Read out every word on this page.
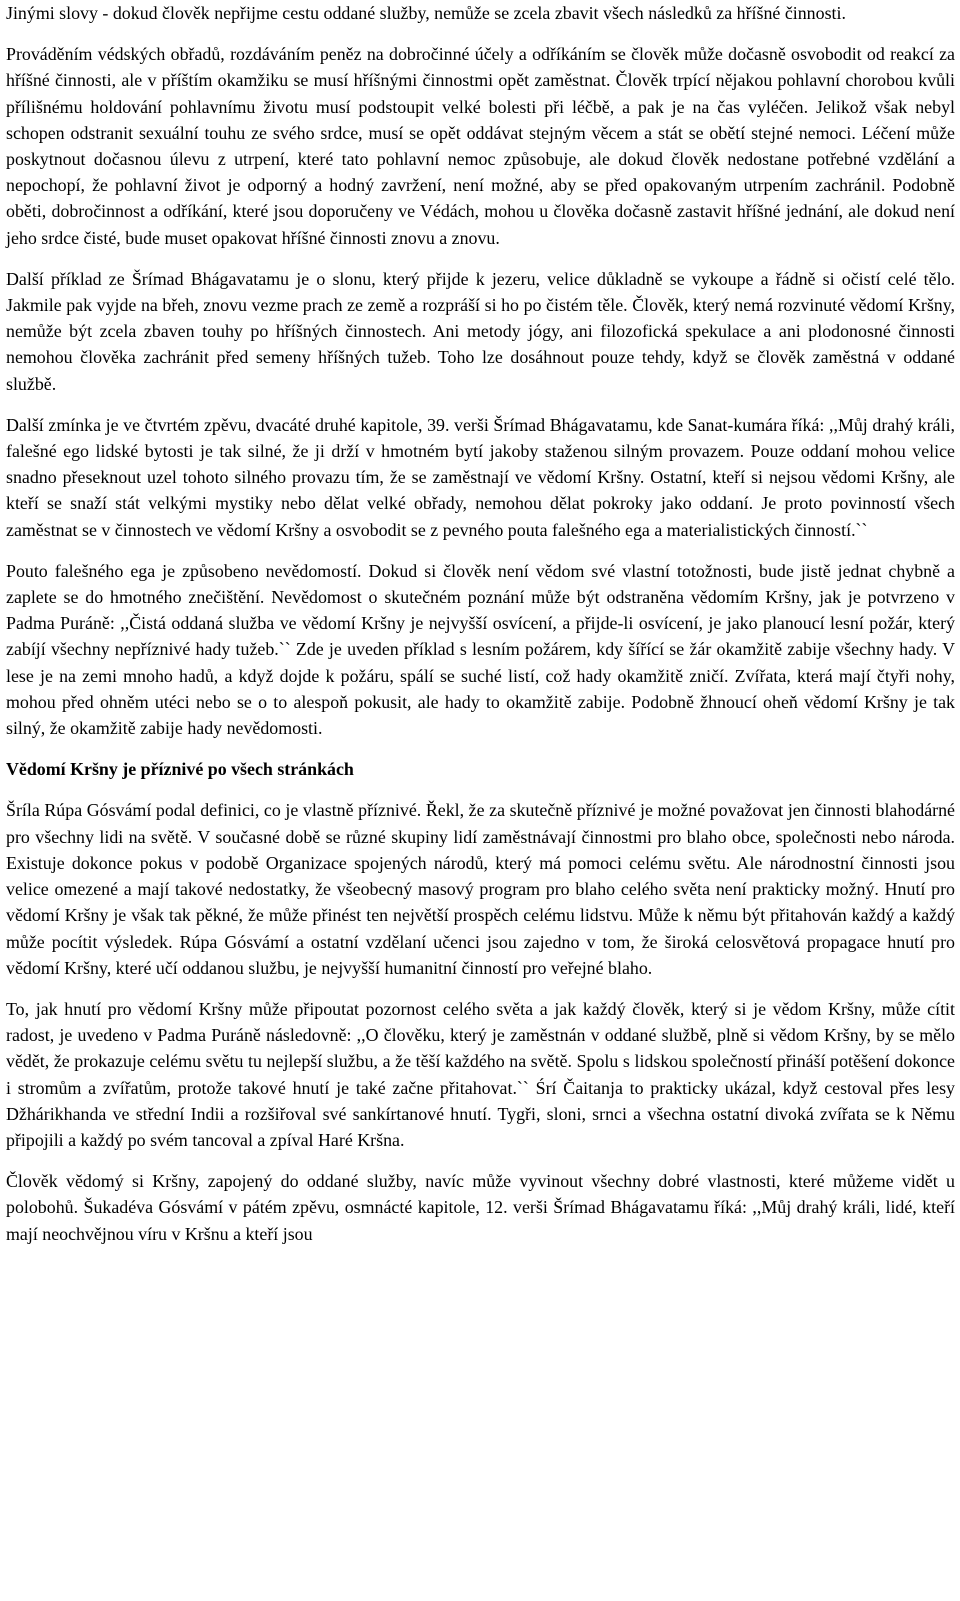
Jinými slovy - dokud člověk nepřijme cestu oddané služby, nemůže se zcela zbavit všech následků za hříšné činnosti.

Prováděním védských obřadů, rozdáváním peněz na dobročinné účely a odříkáním se člověk může dočasně osvobodit od reakcí za hříšné činnosti, ale v příštím okamžiku se musí hříšnými činnostmi opět zaměstnat. Člověk trpící nějakou pohlavní chorobou kvůli přílišnému holdování pohlavnímu životu musí podstoupit velké bolesti při léčbě, a pak je na čas vyléčen. Jelikož však nebyl schopen odstranit sexuální touhu ze svého srdce, musí se opět oddávat stejným věcem a stát se obětí stejné nemoci. Léčení může poskytnout dočasnou úlevu z utrpení, které tato pohlavní nemoc způsobuje, ale dokud člověk nedostane potřebné vzdělání a nepochopí, že pohlavní život je odporný a hodný zavržení, není možné, aby se před opakovaným utrpením zachránil. Podobně oběti, dobročinnost a odříkání, které jsou doporučeny ve Védách, mohou u člověka dočasně zastavit hříšné jednání, ale dokud není jeho srdce čisté, bude muset opakovat hříšné činnosti znovu a znovu.

Další příklad ze Šrímad Bhágavatamu je o slonu, který přijde k jezeru, velice důkladně se vykoupe a řádně si očistí celé tělo. Jakmile pak vyjde na břeh, znovu vezme prach ze země a rozpráší si ho po čistém těle. Člověk, který nemá rozvinuté vědomí Kršny, nemůže být zcela zbaven touhy po hříšných činnostech. Ani metody jógy, ani filozofická spekulace a ani plodonosné činnosti nemohou člověka zachránit před semeny hříšných tužeb. Toho lze dosáhnout pouze tehdy, když se člověk zaměstná v oddané službě.

Další zmínka je ve čtvrtém zpěvu, dvacáté druhé kapitole, 39. verši Šrímad Bhágavatamu, kde Sanat-kumára říká: ,,Můj drahý králi, falešné ego lidské bytosti je tak silné, že ji drží v hmotném bytí jakoby staženou silným provazem. Pouze oddaní mohou velice snadno přeseknout uzel tohoto silného provazu tím, že se zaměstnají ve vědomí Kršny. Ostatní, kteří si nejsou vědomi Kršny, ale kteří se snaží stát velkými mystiky nebo dělat velké obřady, nemohou dělat pokroky jako oddaní. Je proto povinností všech zaměstnat se v činnostech ve vědomí Kršny a osvobodit se z pevného pouta falešného ega a materialistických činností.``

Pouto falešného ega je způsobeno nevědomostí. Dokud si člověk není vědom své vlastní totožnosti, bude jistě jednat chybně a zaplete se do hmotného znečištění. Nevědomost o skutečném poznání může být odstraněna vědomím Kršny, jak je potvrzeno v Padma Puráně: ,,Čistá oddaná služba ve vědomí Kršny je nejvyšší osvícení, a přijde-li osvícení, je jako planoucí lesní požár, který zabíjí všechny nepříznivé hady tužeb.`` Zde je uveden příklad s lesním požárem, kdy šířící se žár okamžitě zabije všechny hady. V lese je na zemi mnoho hadů, a když dojde k požáru, spálí se suché listí, což hady okamžitě zničí. Zvířata, která mají čtyři nohy, mohou před ohněm utéci nebo se o to alespoň pokusit, ale hady to okamžitě zabije. Podobně žhnoucí oheň vědomí Kršny je tak silný, že okamžitě zabije hady nevědomosti.

Vědomí Kršny je příznivé po všech stránkách

Šríla Rúpa Gósvámí podal definici, co je vlastně příznivé. Řekl, že za skutečně příznivé je možné považovat jen činnosti blahodárné pro všechny lidi na světě. V současné době se různé skupiny lidí zaměstnávají činnostmi pro blaho obce, společnosti nebo národa. Existuje dokonce pokus v podobě Organizace spojených národů, který má pomoci celému světu. Ale národnostní činnosti jsou velice omezené a mají takové nedostatky, že všeobecný masový program pro blaho celého světa není prakticky možný. Hnutí pro vědomí Kršny je však tak pěkné, že může přinést ten největší prospěch celému lidstvu. Může k němu být přitahován každý a každý může pocítit výsledek. Rúpa Gósvámí a ostatní vzdělaní učenci jsou zajedno v tom, že široká celosvětová propagace hnutí pro vědomí Kršny, které učí oddanou službu, je nejvyšší humanitní činností pro veřejné blaho.

To, jak hnutí pro vědomí Kršny může připoutat pozornost celého světa a jak každý člověk, který si je vědom Kršny, může cítit radost, je uvedeno v Padma Puráně následovně: ,,O člověku, který je zaměstnán v oddané službě, plně si vědom Kršny, by se mělo vědět, že prokazuje celému světu tu nejlepší službu, a že těší každého na světě. Spolu s lidskou společností přináší potěšení dokonce i stromům a zvířatům, protože takové hnutí je také začne přitahovat.`` Śrí Čaitanja to prakticky ukázal, když cestoval přes lesy Džhárikhanda ve střední Indii a rozšiřoval své sankírtanové hnutí. Tygři, sloni, srnci a všechna ostatní divoká zvířata se k Němu připojili a každý po svém tancoval a zpíval Haré Kršna.

Člověk vědomý si Kršny, zapojený do oddané služby, navíc může vyvinout všechny dobré vlastnosti, které můžeme vidět u polobohů. Šukadéva Gósvámí v pátém zpěvu, osmnácté kapitole, 12. verši Šrímad Bhágavatamu říká: ,,Můj drahý králi, lidé, kteří mají neochvějnou víru v Kršnu a kteří jsou
